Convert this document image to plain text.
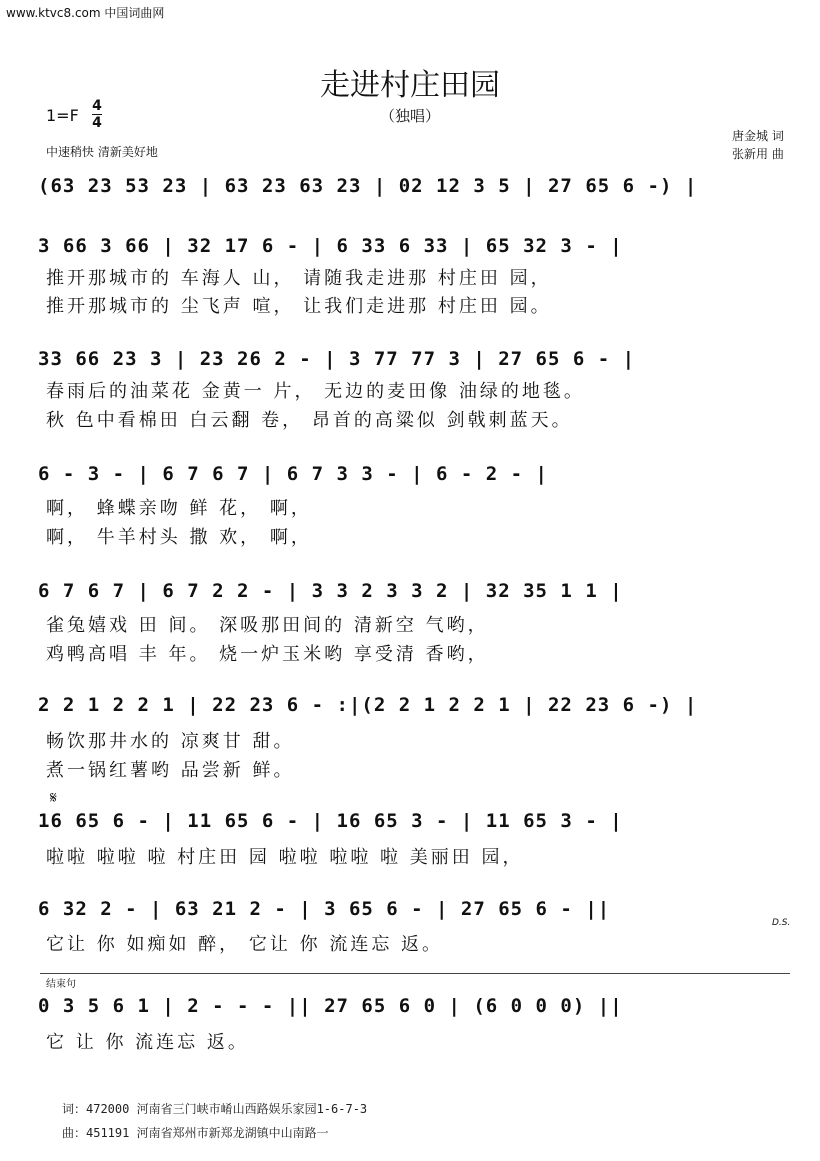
www.ktvc8.com 中国词曲网
走进村庄田园
（独唱）
1=F 4
4
中速稍快 清新美好地
唐金城 词
张新用 曲
(63 23 53 23 | 63 23 63 23 | 02 12 3 5 | 27 65 6 -) |
3 66 3 66 | 32 17 6 - | 6 33 6 33 | 65 32 3 - |
推开那城市的 车海人 山， 请随我走进那 村庄田 园，
推开那城市的 尘飞声 喧， 让我们走进那 村庄田 园。
33 66 23 3 | 23 26 2 - | 3 77 77 3 | 27 65 6 - |
春雨后的油菜花 金黄一 片， 无边的麦田像 油绿的地毯。
秋 色中看棉田 白云翻 卷， 昂首的高粱似 剑戟刺蓝天。
6 - 3 - | 6 7 6 7 | 6 7 3 3 - | 6 - 2 - |
啊， 蜂蝶亲吻 鲜 花， 啊，
啊， 牛羊村头 撒 欢， 啊，
6 7 6 7 | 6 7 2 2 - | 3 3 2 3 3 2 | 32 35 1 1 |
雀兔嬉戏 田 间。 深吸那田间的 清新空 气哟，
鸡鸭高唱 丰 年。 烧一炉玉米哟 享受清 香哟，
2 2 1 2 2 1 | 22 23 6 - :|(2 2 1 2 2 1 | 22 23 6 -) |
畅饮那井水的 凉爽甘 甜。
煮一锅红薯哟 品尝新 鲜。
𝄋
16 65 6 - | 11 65 6 - | 16 65 3 - | 11 65 3 - |
啦啦 啦啦 啦 村庄田 园 啦啦 啦啦 啦 美丽田 园，
6 32 2 - | 63 21 2 - | 3 65 6 - | 27 65 6 - ||
D.S.
它让 你 如痴如 醉， 它让 你 流连忘 返。
结束句
0 3 5 6 1 | 2 - - - || 27 65 6 0 | (6 0 0 0) ||
它 让 你 流连忘 返。
词：472000 河南省三门峡市崤山西路娱乐家园1-6-7-3
曲：451191 河南省郑州市新郑龙湖镇中山南路一
